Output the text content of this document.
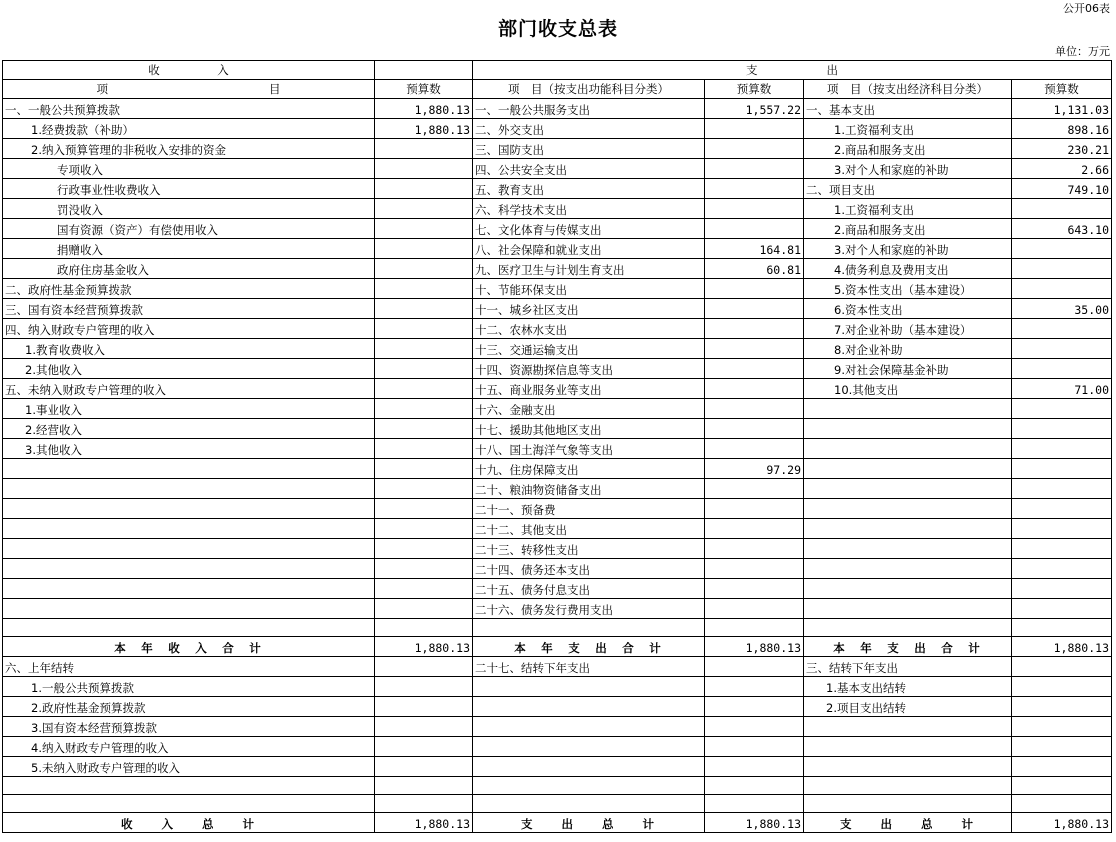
公开06表
部门收支总表
单位：万元
收　　　　　入		支　　　　　　出			
项　　　　　　　　　　　　　　目	预算数	项　目（按支出功能科目分类）	预算数	项　目（按支出经济科目分类）	预算数
一、一般公共预算拨款	1,880.13	一、一般公共服务支出	1,557.22	一、基本支出	1,131.03
1.经费拨款（补助）	1,880.13	二、外交支出		1.工资福利支出	898.16
2.纳入预算管理的非税收入安排的资金		三、国防支出		2.商品和服务支出	230.21
专项收入		四、公共安全支出		3.对个人和家庭的补助	2.66
行政事业性收费收入		五、教育支出		二、项目支出	749.10
罚没收入		六、科学技术支出		1.工资福利支出	
国有资源（资产）有偿使用收入		七、文化体育与传媒支出		2.商品和服务支出	643.10
捐赠收入		八、社会保障和就业支出	164.81	3.对个人和家庭的补助	
政府住房基金收入		九、医疗卫生与计划生育支出	60.81	4.债务利息及费用支出	
二、政府性基金预算拨款		十、节能环保支出		5.资本性支出（基本建设）	
三、国有资本经营预算拨款		十一、城乡社区支出		6.资本性支出	35.00
四、纳入财政专户管理的收入		十二、农林水支出		7.对企业补助（基本建设）	
1.教育收费收入		十三、交通运输支出		8.对企业补助	
2.其他收入		十四、资源勘探信息等支出		9.对社会保障基金补助	
五、未纳入财政专户管理的收入		十五、商业服务业等支出		10.其他支出	71.00
1.事业收入		十六、金融支出			
2.经营收入		十七、援助其他地区支出			
3.其他收入		十八、国土海洋气象等支出			
		十九、住房保障支出	97.29		
		二十、粮油物资储备支出			
		二十一、预备费			
		二十二、其他支出			
		二十三、转移性支出			
		二十四、债务还本支出			
		二十五、债务付息支出			
		二十六、债务发行费用支出			

本　年　收　入　合　计	1,880.13	本　年　支　出　合　计	1,880.13	本　年　支　出　合　计	1,880.13
六、上年结转		二十七、结转下年支出		三、结转下年支出	
1.一般公共预算拨款				1.基本支出结转	
2.政府性基金预算拨款				2.项目支出结转	
3.国有资本经营预算拨款					
4.纳入财政专户管理的收入					
5.未纳入财政专户管理的收入					

收　　入　　总　　计	1,880.13	支　　出　　总　　计	1,880.13	支　　出　　总　　计	1,880.13
